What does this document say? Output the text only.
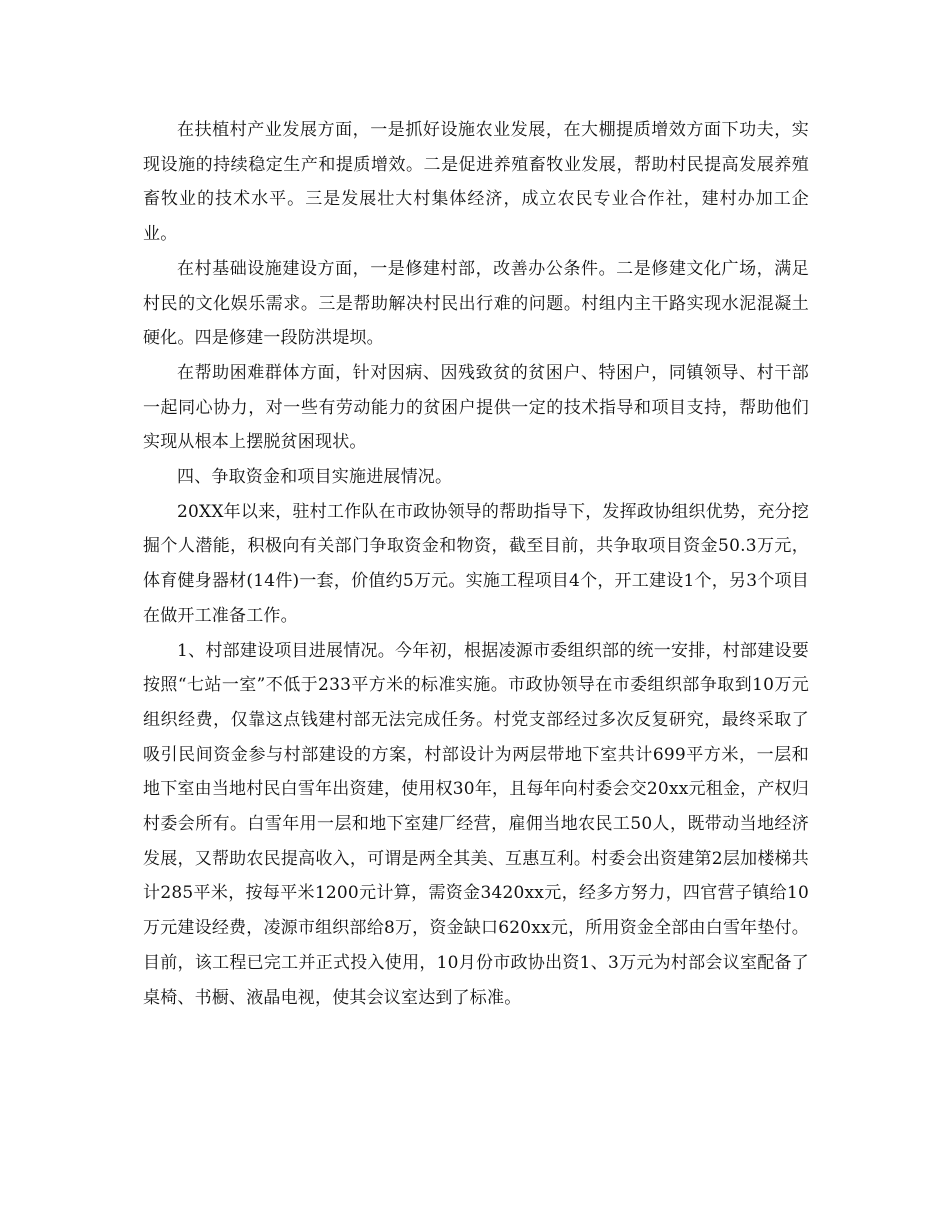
在扶植村产业发展方面，一是抓好设施农业发展，在大棚提质增效方面下功夫，实现设施的持续稳定生产和提质增效。二是促进养殖畜牧业发展，帮助村民提高发展养殖畜牧业的技术水平。三是发展壮大村集体经济，成立农民专业合作社，建村办加工企业。

在村基础设施建设方面，一是修建村部，改善办公条件。二是修建文化广场，满足村民的文化娱乐需求。三是帮助解决村民出行难的问题。村组内主干路实现水泥混凝土硬化。四是修建一段防洪堤坝。

在帮助困难群体方面，针对因病、因残致贫的贫困户、特困户，同镇领导、村干部一起同心协力，对一些有劳动能力的贫困户提供一定的技术指导和项目支持，帮助他们实现从根本上摆脱贫困现状。

四、争取资金和项目实施进展情况。

20XX年以来，驻村工作队在市政协领导的帮助指导下，发挥政协组织优势，充分挖掘个人潜能，积极向有关部门争取资金和物资，截至目前，共争取项目资金50.3万元，体育健身器材(14件)一套，价值约5万元。实施工程项目4个，开工建设1个，另3个项目在做开工准备工作。

1、村部建设项目进展情况。今年初，根据凌源市委组织部的统一安排，村部建设要按照“七站一室”不低于233平方米的标准实施。市政协领导在市委组织部争取到10万元组织经费，仅靠这点钱建村部无法完成任务。村党支部经过多次反复研究，最终采取了吸引民间资金参与村部建设的方案，村部设计为两层带地下室共计699平方米，一层和地下室由当地村民白雪年出资建，使用权30年，且每年向村委会交20xx元租金，产权归村委会所有。白雪年用一层和地下室建厂经营，雇佣当地农民工50人，既带动当地经济发展，又帮助农民提高收入，可谓是两全其美、互惠互利。村委会出资建第2层加楼梯共计285平米，按每平米1200元计算，需资金3420xx元，经多方努力，四官营子镇给10万元建设经费，凌源市组织部给8万，资金缺口620xx元，所用资金全部由白雪年垫付。目前，该工程已完工并正式投入使用，10月份市政协出资1、3万元为村部会议室配备了桌椅、书橱、液晶电视，使其会议室达到了标准。
